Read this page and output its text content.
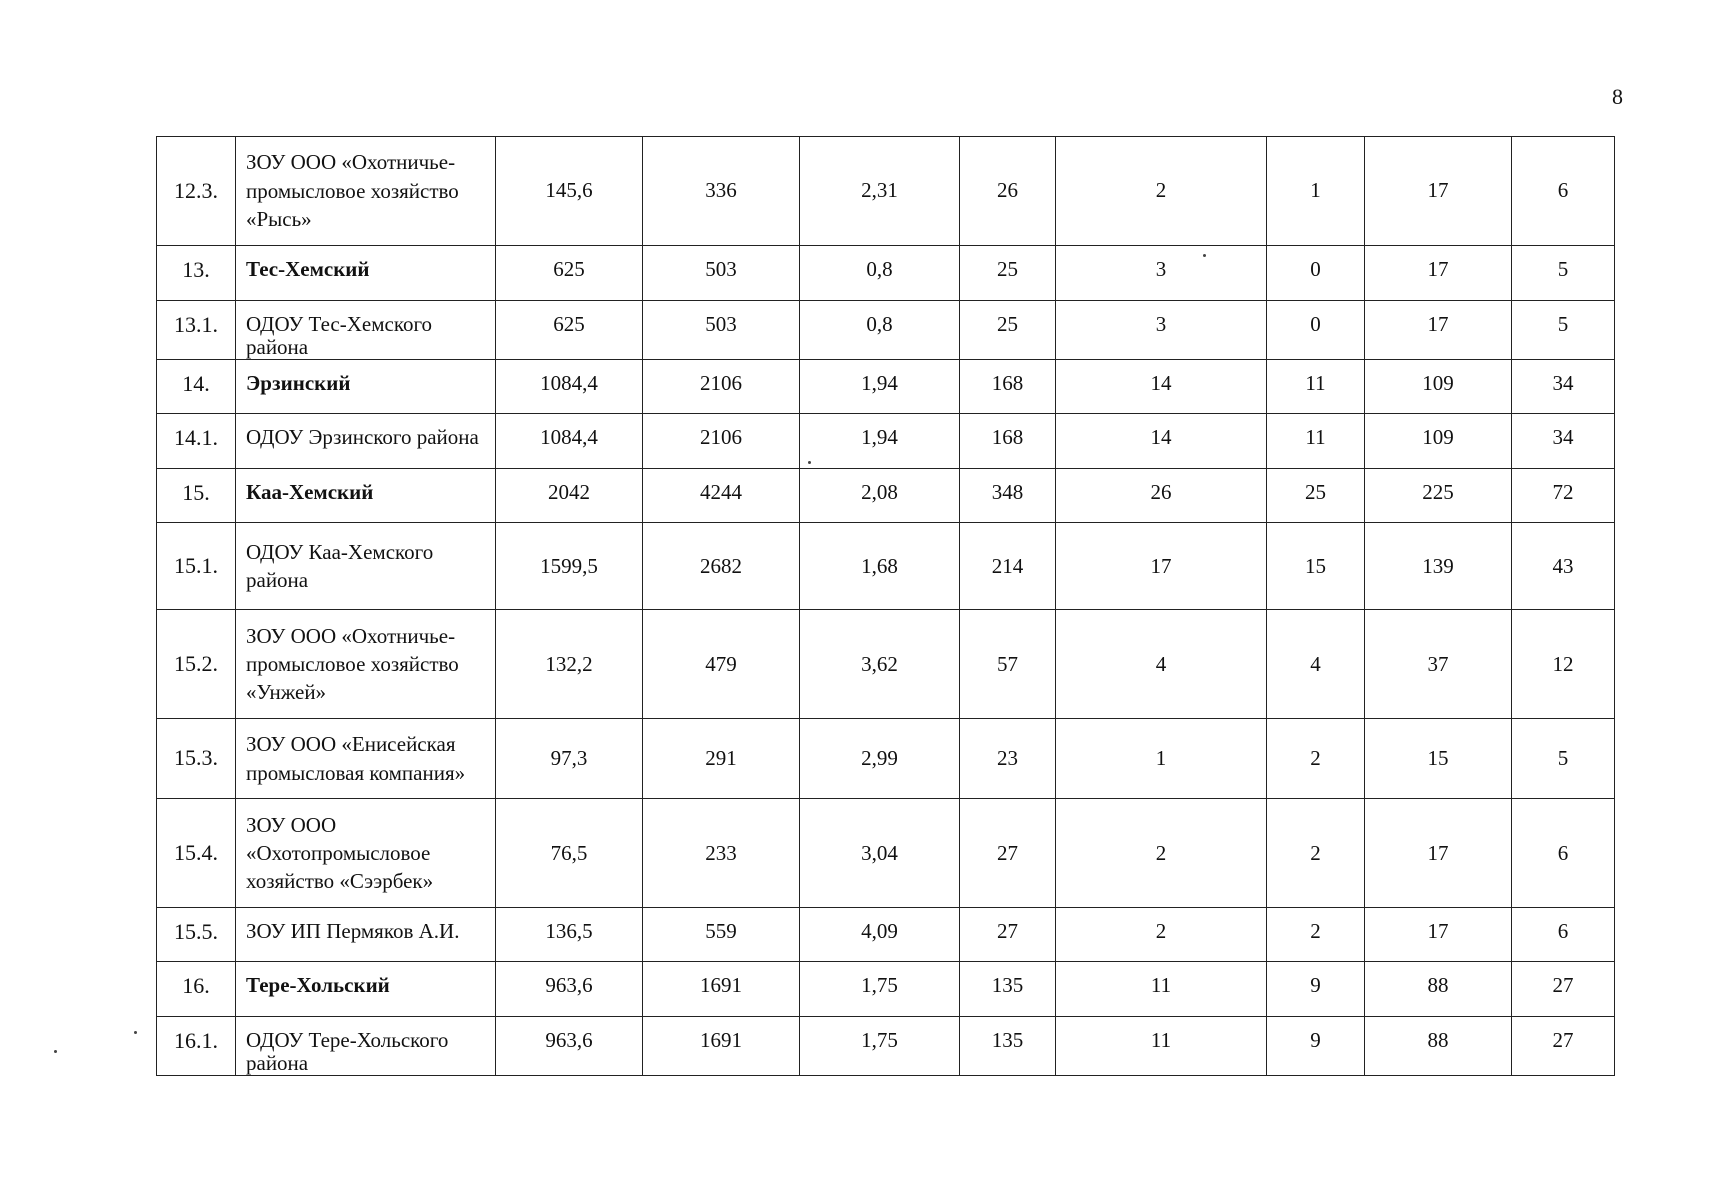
8
12.3.	ЗОУ ООО «Охотничье-промысловое хозяйство «Рысь»	145,6	336	2,31	26	2	1	17	6
13.	Тес-Хемский	625	503	0,8	25	3	0	17	5
13.1.	ОДОУ Тес-Хемского района	625	503	0,8	25	3	0	17	5
14.	Эрзинский	1084,4	2106	1,94	168	14	11	109	34
14.1.	ОДОУ Эрзинского района	1084,4	2106	1,94	168	14	11	109	34
15.	Каа-Хемский	2042	4244	2,08	348	26	25	225	72
15.1.	ОДОУ Каа-Хемского района	1599,5	2682	1,68	214	17	15	139	43
15.2.	ЗОУ ООО «Охотничье-промысловое хозяйство «Унжей»	132,2	479	3,62	57	4	4	37	12
15.3.	ЗОУ ООО «Енисейская промысловая компания»	97,3	291	2,99	23	1	2	15	5
15.4.	ЗОУ ООО «Охотопромысловое хозяйство «Сээрбек»	76,5	233	3,04	27	2	2	17	6
15.5.	ЗОУ ИП Пермяков А.И.	136,5	559	4,09	27	2	2	17	6
16.	Тере-Хольский	963,6	1691	1,75	135	11	9	88	27
16.1.	ОДОУ Тере-Хольского района	963,6	1691	1,75	135	11	9	88	27
